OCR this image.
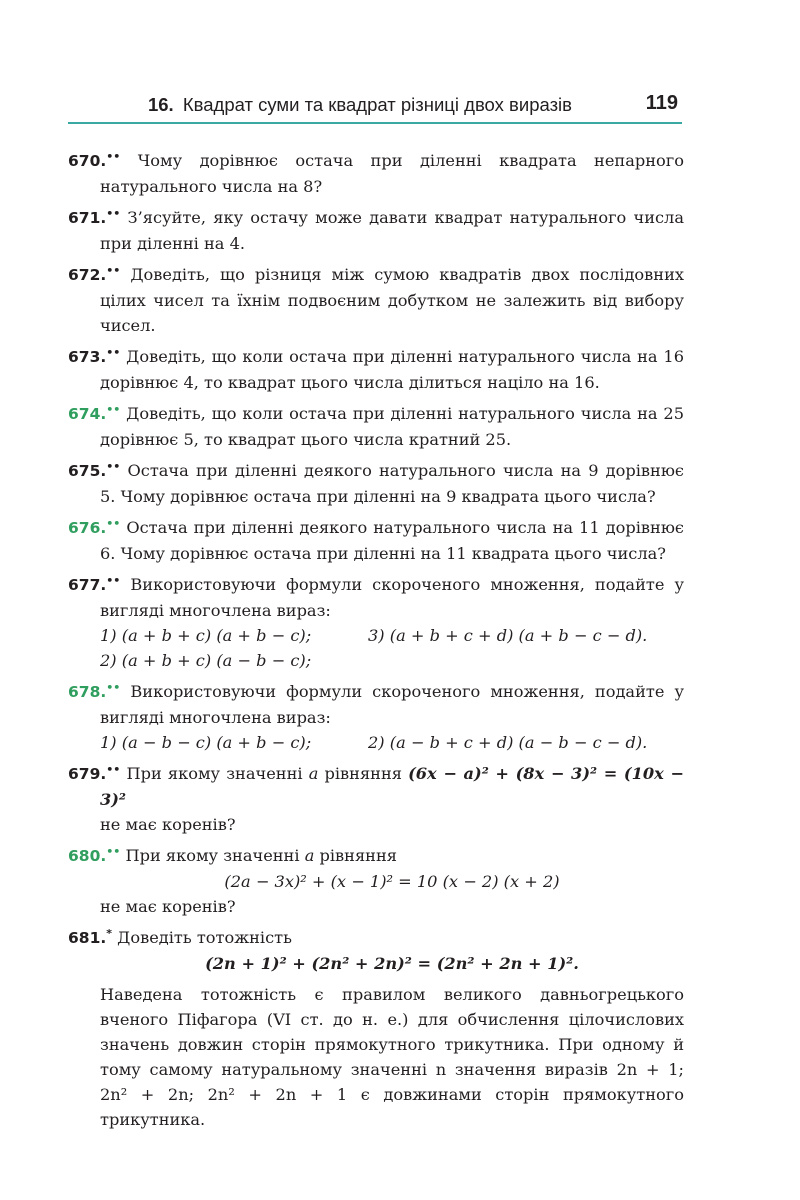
16. Квадрат суми та квадрат різниці двох виразів	119
670.•• Чому дорівнює остача при діленні квадрата непарного натурального числа на 8?
671.•• З’ясуйте, яку остачу може давати квадрат натурального числа при діленні на 4.
672.•• Доведіть, що різниця між сумою квадратів двох послідовних цілих чисел та їхнім подвоєним добутком не залежить від вибору чисел.
673.•• Доведіть, що коли остача при діленні натурального числа на 16 дорівнює 4, то квадрат цього числа ділиться націло на 16.
674.•• Доведіть, що коли остача при діленні натурального числа на 25 дорівнює 5, то квадрат цього числа кратний 25.
675.•• Остача при діленні деякого натурального числа на 9 дорівнює 5. Чому дорівнює остача при діленні на 9 квадрата цього числа?
676.•• Остача при діленні деякого натурального числа на 11 дорівнює 6. Чому дорівнює остача при діленні на 11 квадрата цього числа?
677.•• Використовуючи формули скороченого множення, подайте у вигляді многочлена вираз:
1) (a + b + c) (a + b − c);	3) (a + b + c + d) (a + b − c − d).
2) (a + b + c) (a − b − c);
678.•• Використовуючи формули скороченого множення, подайте у вигляді многочлена вираз:
1) (a − b − c) (a + b − c);	2) (a − b + c + d) (a − b − c − d).
679.•• При якому значенні a рівняння (6x − a)² + (8x − 3)² = (10x − 3)²
не має коренів?
680.•• При якому значенні a рівняння
(2a − 3x)² + (x − 1)² = 10 (x − 2) (x + 2)
не має коренів?
681.* Доведіть тотожність
(2n + 1)² + (2n² + 2n)² = (2n² + 2n + 1)².
Наведена тотожність є правилом великого давньогрецького вченого Піфагора (VI ст. до н. е.) для обчислення цілочислових значень довжин сторін прямокутного трикутника. При одному й тому самому натуральному значенні n значення виразів 2n + 1; 2n² + 2n; 2n² + 2n + 1 є довжинами сторін прямокутного трикутника.
